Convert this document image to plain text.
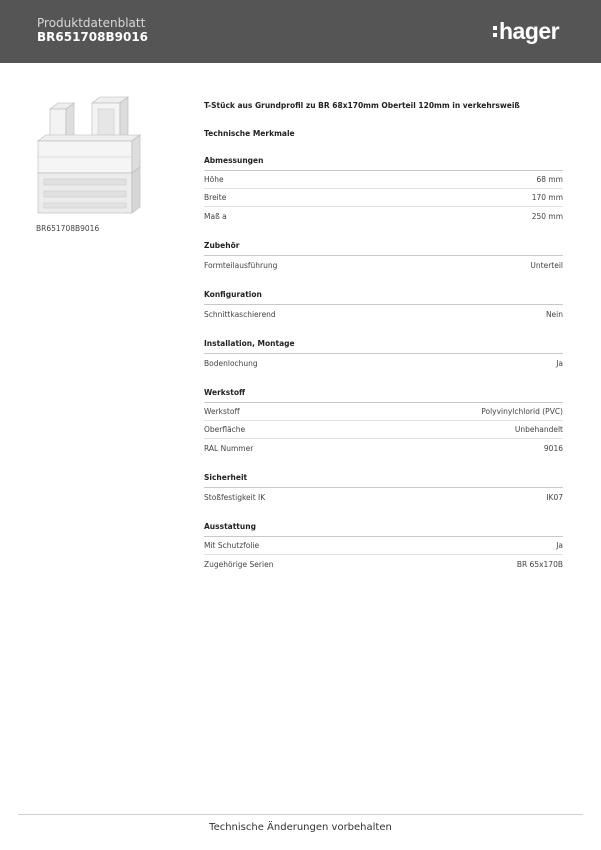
Produktdatenblatt
BR651708B9016	hager
BR651708B9016
T-Stück aus Grundprofil zu BR 68x170mm Oberteil 120mm in verkehrsweiß
Technische Merkmale
Abmessungen
Höhe	68 mm
Breite	170 mm
Maß a	250 mm
Zubehör
Formteilausführung	Unterteil
Konfiguration
Schnittkaschierend	Nein
Installation, Montage
Bodenlochung	Ja
Werkstoff
Werkstoff	Polyvinylchlorid (PVC)
Oberfläche	Unbehandelt
RAL Nummer	9016
Sicherheit
Stoßfestigkeit IK	IK07
Ausstattung
Mit Schutzfolie	Ja
Zugehörige Serien	BR 65x170B
Technische Änderungen vorbehalten
